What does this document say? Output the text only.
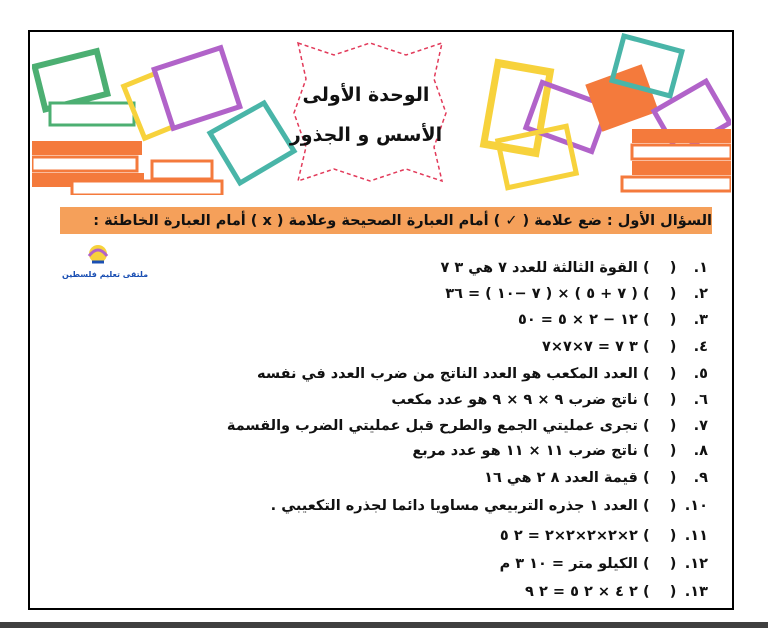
الوحدة الأولى
الأسس و الجذور
السؤال الأول : ضع علامة ( ✓ ) أمام العبارة الصحيحة وعلامة ( x ) أمام العبارة الخاطئة :
ملتقى تعليم فلسطين	١. (    ) القوة الثالثة للعدد ٧ هي ٣ ٧
٢. (    ) ( ٧ + ٥ ) × ( ٧ −١٠ ) = ٣٦
٣. (    ) ١٢ − ٢ × ٥ = ٥٠
٤. (    ) ٣ ٧ = ٧×٧×٧
٥. (    ) العدد المكعب هو العدد الناتج من ضرب العدد في نفسه
٦. (    ) ناتج ضرب ٩ × ٩ × ٩ هو عدد مكعب
٧. (    ) تجرى عمليتي الجمع والطرح قبل عمليتي الضرب والقسمة
٨. (    ) ناتج ضرب ١١ × ١١ هو عدد مربع
٩. (    ) قيمة العدد ٨ ٢ هي ١٦
١٠. (    ) العدد ١ جذره التربيعي مساويا دائما لجذره التكعيبي .
١١. (    ) ٢×٢×٢×٢×٢ = ٢ ٥
١٢. (    ) الكيلو متر = ١٠ ٣ م
١٣. (    ) ٢ ٤ × ٢ ٥ = ٢ ٩
